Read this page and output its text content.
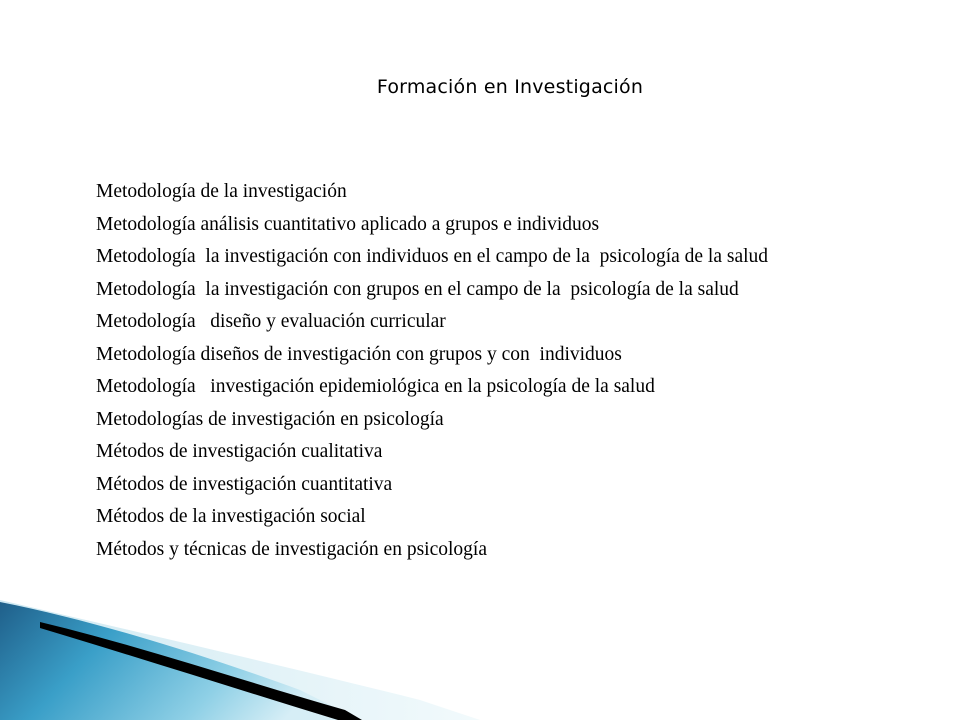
Formación en Investigación
Metodología de la investigación
Metodología análisis cuantitativo aplicado a grupos e individuos
Metodología  la investigación con individuos en el campo de la  psicología de la salud
Metodología  la investigación con grupos en el campo de la  psicología de la salud
Metodología   diseño y evaluación curricular
Metodología diseños de investigación con grupos y con  individuos
Metodología   investigación epidemiológica en la psicología de la salud
Metodologías de investigación en psicología
Métodos de investigación cualitativa
Métodos de investigación cuantitativa
Métodos de la investigación social
Métodos y técnicas de investigación en psicología
